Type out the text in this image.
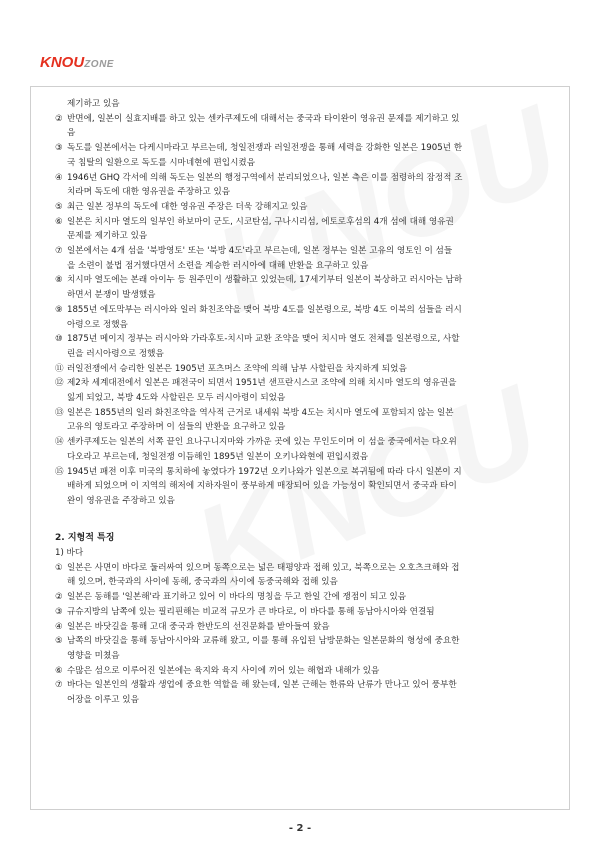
KNOUZONE
제기하고 있음
② 반면에, 일본이 실효지배를 하고 있는 센카쿠제도에 대해서는 중국과 타이완이 영유권 문제를 제기하고 있
음
③ 독도를 일본에서는 다케시마라고 부르는데, 청일전쟁과 러일전쟁을 통해 세력을 강화한 일본은 1905년 한
국 침탈의 일환으로 독도를 시마네현에 편입시켰음
④ 1946년 GHQ 각서에 의해 독도는 일본의 행정구역에서 분리되었으나, 일본 측은 이를 점령하의 잠정적 조
치라며 독도에 대한 영유권을 주장하고 있음
⑤ 최근 일본 정부의 독도에 대한 영유권 주장은 더욱 강해지고 있음
⑥ 일본은 치시마 열도의 일부인 하보마이 군도, 시코탄섬, 구나시리섬, 에토로후섬의 4개 섬에 대해 영유권
문제를 제기하고 있음
⑦ 일본에서는 4개 섬을 '북방영토' 또는 '북방 4도'라고 부르는데, 일본 정부는 일본 고유의 영토인 이 섬들
을 소련이 불법 점거했다면서 소련을 계승한 러시아에 대해 반환을 요구하고 있음
⑧ 치시마 열도에는 본래 아이누 등 원주민이 생활하고 있었는데, 17세기부터 일본이 북상하고 러시아는 남하
하면서 분쟁이 발생했음
⑨ 1855년 에도막부는 러시아와 일러 화친조약을 맺어 북방 4도를 일본령으로, 북방 4도 이북의 섬들을 러시
아령으로 정했음
⑩ 1875년 메이지 정부는 러시아와 가라후토-치시마 교환 조약을 맺어 치시마 열도 전체를 일본령으로, 사할
린을 러시아령으로 정했음
⑪ 러일전쟁에서 승리한 일본은 1905년 포츠머스 조약에 의해 남부 사할린을 차지하게 되었음
⑫ 제2차 세계대전에서 일본은 패전국이 되면서 1951년 샌프란시스코 조약에 의해 치시마 열도의 영유권을
잃게 되었고, 북방 4도와 사할린은 모두 러시아령이 되었음
⑬ 일본은 1855년의 일러 화친조약을 역사적 근거로 내세워 북방 4도는 치시마 열도에 포함되지 않는 일본
고유의 영토라고 주장하며 이 섬들의 반환을 요구하고 있음
⑭ 센카쿠제도는 일본의 서쪽 끝인 요나구니지마와 가까운 곳에 있는 무인도이며 이 섬을 중국에서는 다오위
다오라고 부르는데, 청일전쟁 이듬해인 1895년 일본이 오키나와현에 편입시켰음
⑮ 1945년 패전 이후 미국의 통치하에 놓였다가 1972년 오키나와가 일본으로 복귀됨에 따라 다시 일본이 지
배하게 되었으며 이 지역의 해저에 지하자원이 풍부하게 매장되어 있을 가능성이 확인되면서 중국과 타이
완이 영유권을 주장하고 있음
2. 지형적 특징
1) 바다
① 일본은 사면이 바다로 둘러싸여 있으며 동쪽으로는 넓은 태평양과 접해 있고, 북쪽으로는 오호츠크해와 접
해 있으며, 한국과의 사이에 동해, 중국과의 사이에 동중국해와 접해 있음
② 일본은 동해를 '일본해'라 표기하고 있어 이 바다의 명칭을 두고 한일 간에 쟁점이 되고 있음
③ 규슈지방의 남쪽에 있는 필리핀해는 비교적 규모가 큰 바다로, 이 바다를 통해 동남아시아와 연결됨
④ 일본은 바닷길을 통해 고대 중국과 한반도의 선진문화를 받아들여 왔음
⑤ 남쪽의 바닷길을 통해 동남아시아와 교류해 왔고, 이를 통해 유입된 남방문화는 일본문화의 형성에 중요한
영향을 미쳤음
⑥ 수많은 섬으로 이루어진 일본에는 육지와 육지 사이에 끼어 있는 해협과 내해가 있음
⑦ 바다는 일본인의 생활과 생업에 중요한 역할을 해 왔는데, 일본 근해는 한류와 난류가 만나고 있어 풍부한
어장을 이루고 있음
- 2 -
